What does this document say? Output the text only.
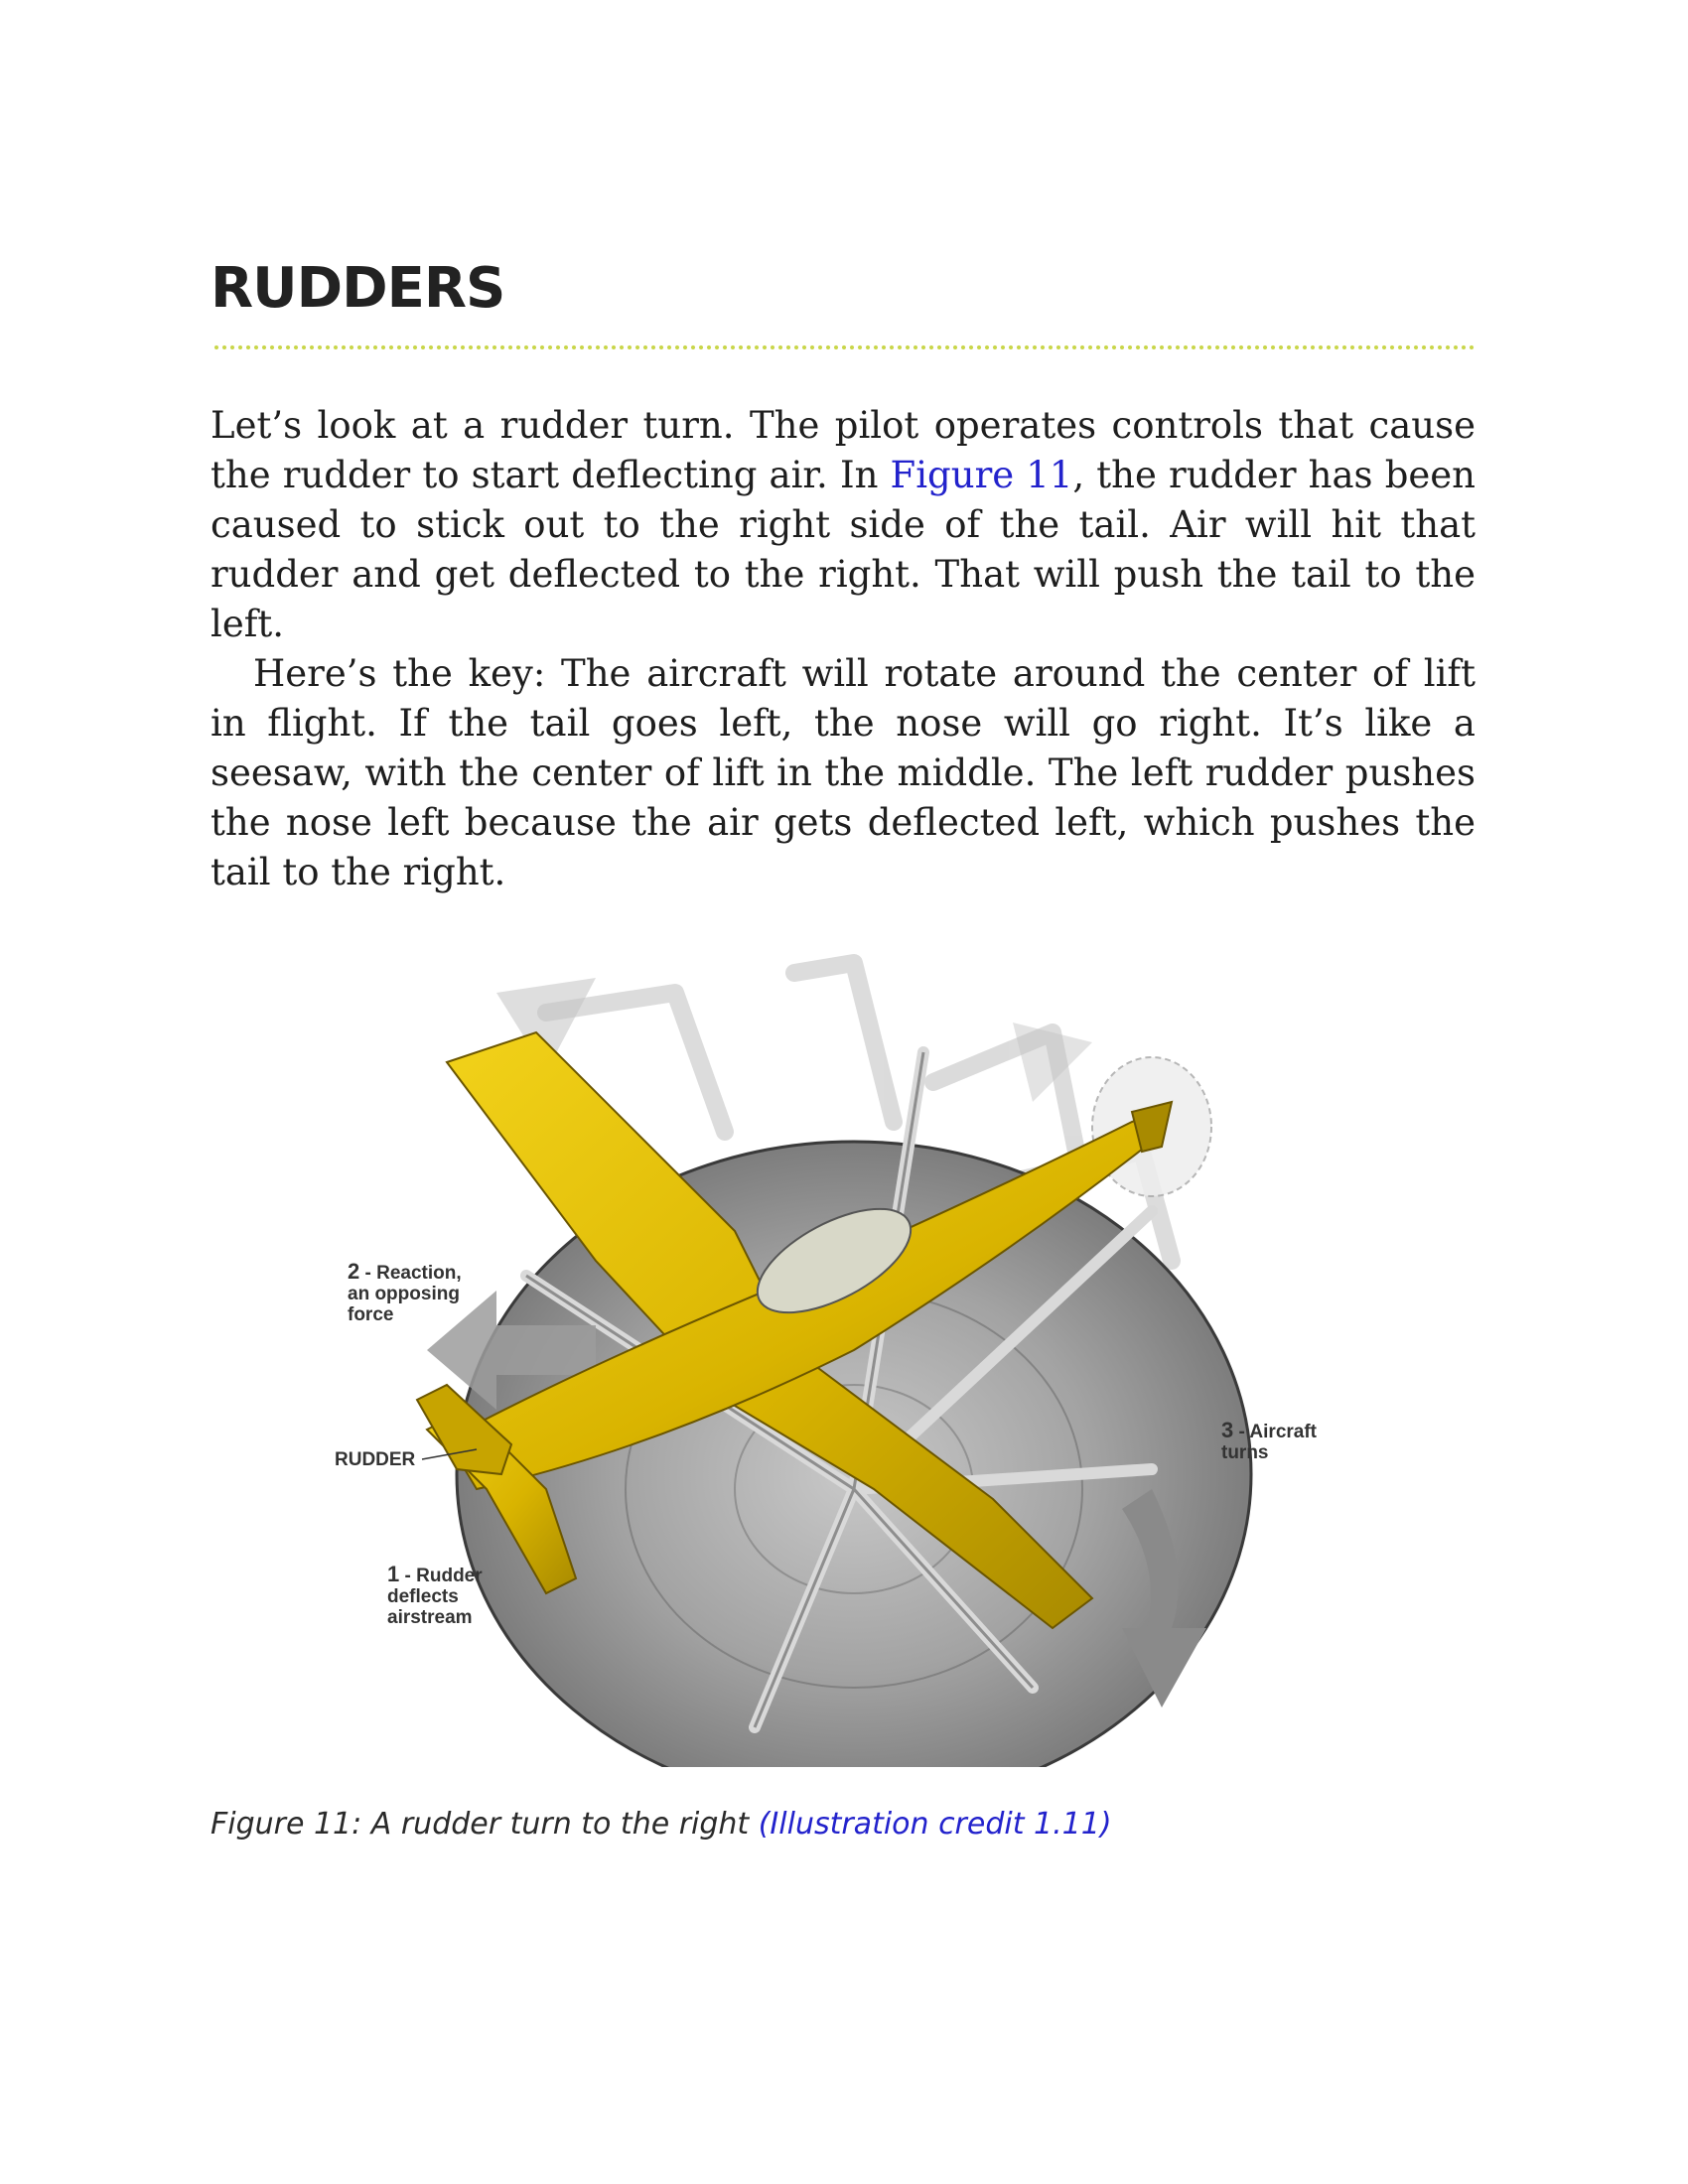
RUDDERS

Let’s look at a rudder turn. The pilot operates controls that cause the rudder to start deflecting air. In Figure 11, the rudder has been caused to stick out to the right side of the tail. Air will hit that rudder and get deflected to the right. That will push the tail to the left.

Here’s the key: The aircraft will rotate around the center of lift in flight. If the tail goes left, the nose will go right. It’s like a seesaw, with the center of lift in the middle. The left rudder pushes the nose left because the air gets deflected left, which pushes the tail to the right.

2 - Reaction,
an opposing
force
RUDDER
1 - Rudder
deflects
airstream
3 - Aircraft
turns

Figure 11: A rudder turn to the right (Illustration credit 1.11)
